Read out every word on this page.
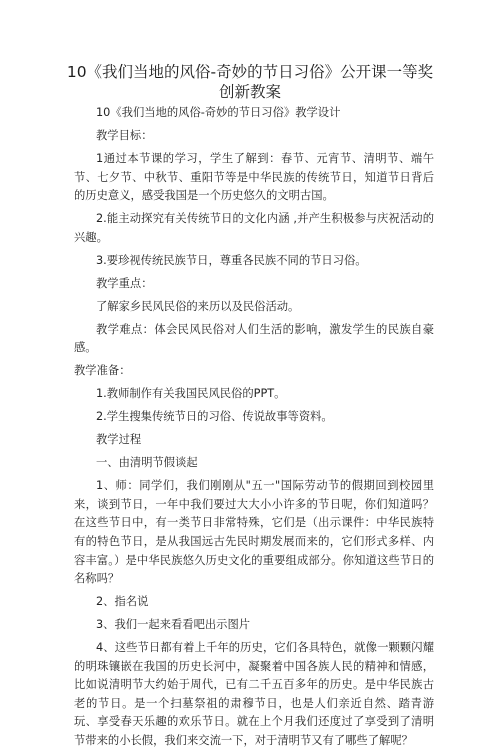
10《我们当地的风俗-奇妙的节日习俗》公开课一等奖创新教案

10《我们当地的风俗-奇妙的节日习俗》教学设计

教学目标：

1通过本节课的学习，学生了解到：春节、元宵节、清明节、端午节、七夕节、中秋节、重阳节等是中华民族的传统节日，知道节日背后的历史意义，感受我国是一个历史悠久的文明古国。

2.能主动探究有关传统节日的文化内涵 ,并产生积极参与庆祝活动的兴趣。

3.要珍视传统民族节日，尊重各民族不同的节日习俗。

教学重点：

了解家乡民风民俗的来历以及民俗活动。

教学难点：体会民风民俗对人们生活的影响，激发学生的民族自豪感。

教学准备：

1.教师制作有关我国民风民俗的PPT。

2.学生搜集传统节日的习俗、传说故事等资料。

教学过程

一、由清明节假谈起

1、师：同学们，我们刚刚从"五一"国际劳动节的假期回到校园里来，谈到节日，一年中我们要过大大小小许多的节日呢，你们知道吗？在这些节日中，有一类节日非常特殊，它们是（出示课件：中华民族特有的特色节日，是从我国远古先民时期发展而来的，它们形式多样、内容丰富。）是中华民族悠久历史文化的重要组成部分。你知道这些节日的名称吗？

2、指名说

3、我们一起来看看吧出示图片

4、这些节日都有着上千年的历史，它们各具特色，就像一颗颗闪耀的明珠镶嵌在我国的历史长河中，凝聚着中国各族人民的精神和情感，比如说清明节大约始于周代，已有二千五百多年的历史。是中华民族古老的节日。是一个扫墓祭祖的肃穆节日，也是人们亲近自然、踏青游玩、享受春天乐趣的欢乐节日。就在上个月我们还度过了享受到了清明节带来的小长假，我们来交流一下，对于清明节又有了哪些了解呢？
